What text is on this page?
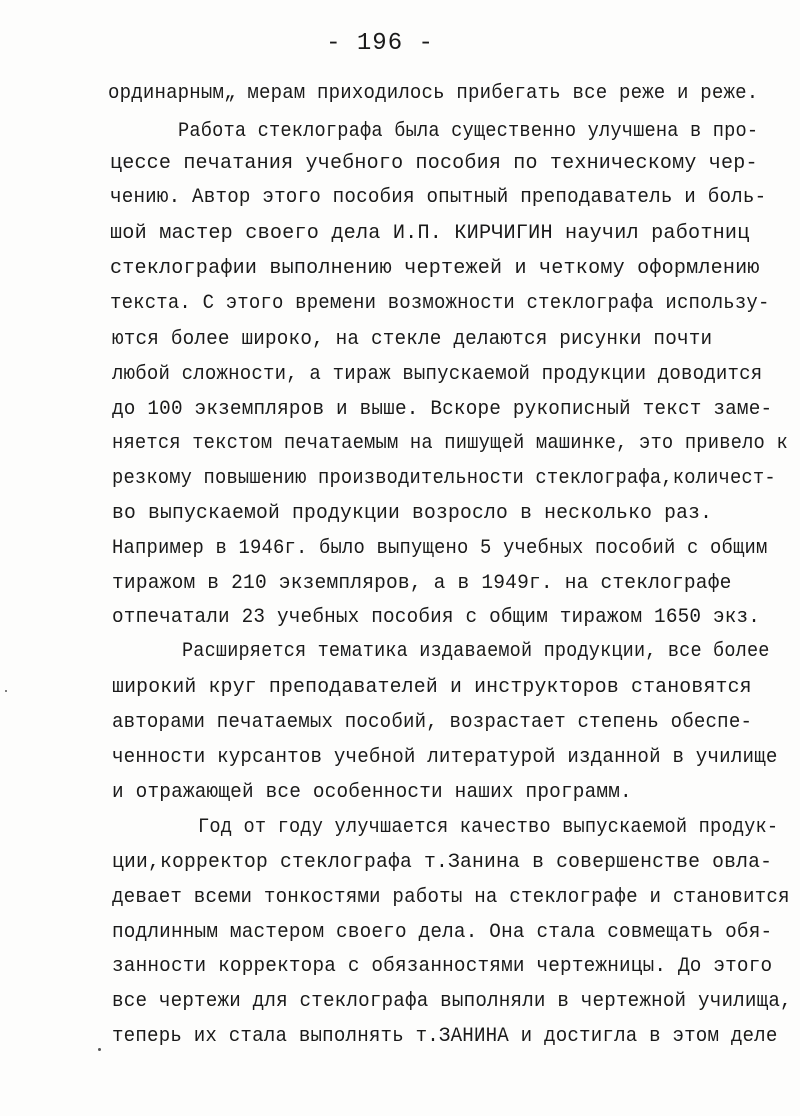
- 196 -
ординарным„ мерам приходилось прибегать все реже и реже.
Работа стеклографа была существенно улучшена в про-
цессе печатания учебного пособия по техническому чер-
чению. Автор этого пособия опытный преподаватель и боль-
шой мастер своего дела И.П. КИРЧИГИН научил работниц
стеклографии выполнению чертежей и четкому оформлению
текста. С этого времени возможности стеклографа использу-
ются более широко, на стекле делаются рисунки почти
любой сложности, а тираж выпускаемой продукции доводится
до 100 экземпляров и выше. Вскоре рукописный текст заме-
няется текстом печатаемым на пишущей машинке, это привело к
резкому повышению производительности стеклографа,количест-
во выпускаемой продукции возросло в несколько раз.
Например в 1946г. было выпущено 5 учебных пособий с общим
тиражом в 210 экземпляров, а в 1949г. на стеклографе
отпечатали 23 учебных пособия с общим тиражом 1650 экз.
Расширяется тематика издаваемой продукции, все более
широкий круг преподавателей и инструкторов становятся
авторами печатаемых пособий, возрастает степень обеспе-
ченности курсантов учебной литературой изданной в училище
и отражающей все особенности наших программ.
Год от году улучшается качество выпускаемой продук-
ции,корректор стеклографа т.Занина в совершенстве овла-
девает всеми тонкостями работы на стеклографе и становится
подлинным мастером своего дела. Она стала совмещать обя-
занности корректора с обязанностями чертежницы. До этого
все чертежи для стеклографа выполняли в чертежной училища,
теперь их стала выполнять т.ЗАНИНА и достигла в этом деле
